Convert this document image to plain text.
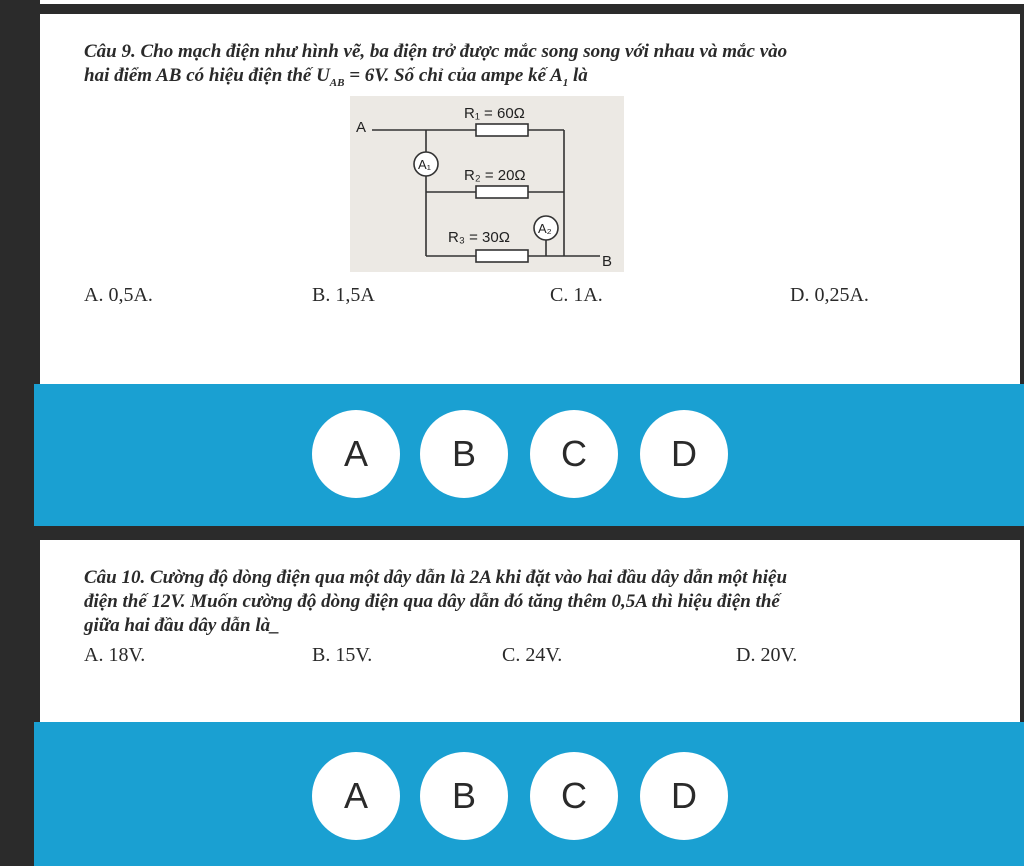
Câu 9. Cho mạch điện như hình vẽ, ba điện trở được mắc song song với nhau và mắc vào
hai điểm AB có hiệu điện thế $U_{AB} = 6V$. Số chỉ của ampe kế $A_1$ là
A₁
A₂
A
B
R₁ = 60Ω
R₂ = 20Ω
R₃ = 30Ω
A. 0,5A.	B. 1,5A	C. 1A.	D. 0,25A.
A	B	C	D
Câu 10. Cường độ dòng điện qua một dây dẫn là 2A khi đặt vào hai đầu dây dẫn một hiệu
điện thế 12V. Muốn cường độ dòng điện qua dây dẫn đó tăng thêm 0,5A thì hiệu điện thế
giữa hai đầu dây dẫn là_
A. 18V.	B. 15V.	C. 24V.	D. 20V.
A	B	C	D
